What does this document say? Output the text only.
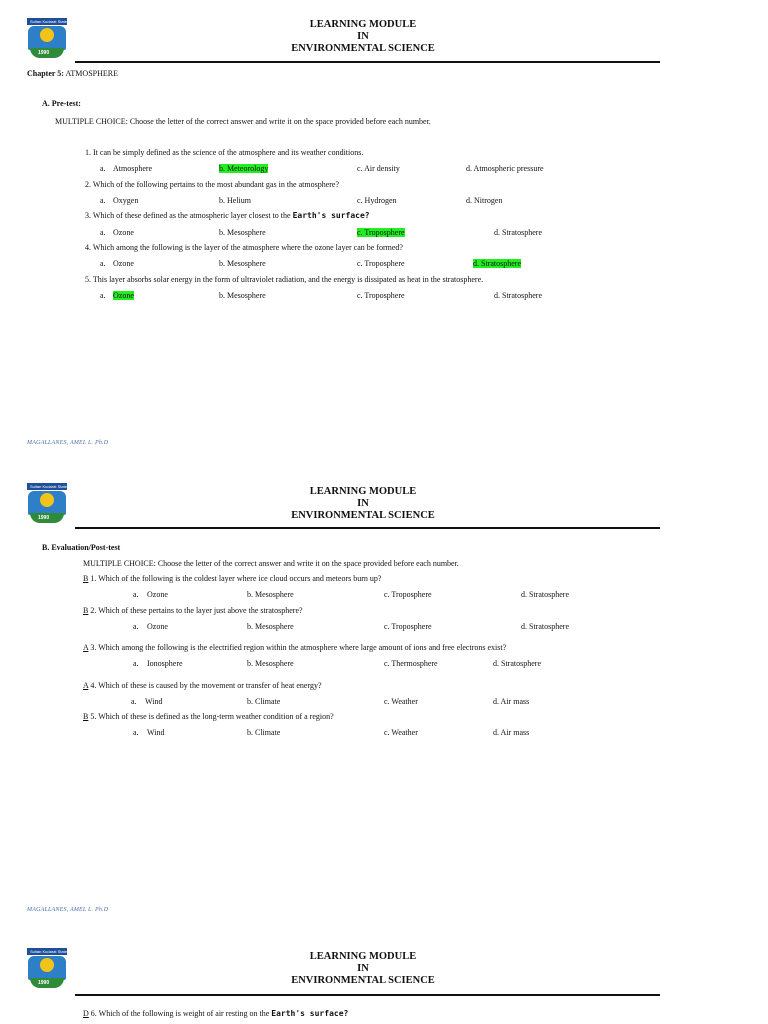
Sultan Kudarat State
1990
LEARNING MODULE
IN
ENVIRONMENTAL SCIENCE
Chapter 5: ATMOSPHERE
A. Pre-test:
MULTIPLE CHOICE: Choose the letter of the correct answer and write it on the space provided before each number.
1. It can be simply defined as the science of the atmosphere and its weather conditions.
a. Atmosphere	b. Meteorology	c. Air density	d. Atmospheric pressure
2. Which of the following pertains to the most abundant gas in the atmosphere?
a. Oxygen	b. Helium	c. Hydrogen	d. Nitrogen
3. Which of these defined as the atmospheric layer closest to the Earth's surface?
a. Ozone	b. Mesosphere	c. Troposphere	d. Stratosphere
4. Which among the following is the layer of the atmosphere where the ozone layer can be formed?
a. Ozone	b. Mesosphere	c. Troposphere	d. Stratosphere
5. This layer absorbs solar energy in the form of ultraviolet radiation, and the energy is dissipated as heat in the stratosphere.
a. Ozone	b. Mesosphere	c. Troposphere	d. Stratosphere
MAGALLANES, AMEL L. Ph.D
Sultan Kudarat State
1990
LEARNING MODULE
IN
ENVIRONMENTAL SCIENCE
B. Evaluation/Post-test
MULTIPLE CHOICE: Choose the letter of the correct answer and write it on the space provided before each number.
B 1. Which of the following is the coldest layer where ice cloud occurs and meteors burn up?
a. Ozone	b. Mesosphere	c. Troposphere	d. Stratosphere
B 2. Which of these pertains to the layer just above the stratosphere?
a. Ozone	b. Mesosphere	c. Troposphere	d. Stratosphere
A 3. Which among the following is the electrified region within the atmosphere where large amount of ions and free electrons exist?
a. Ionosphere	b. Mesosphere	c. Thermosphere	d. Stratosphere
A 4. Which of these is caused by the movement or transfer of heat energy?
a. Wind	b. Climate	c. Weather	d. Air mass
B 5. Which of these is defined as the long-term weather condition of a region?
a. Wind	b. Climate	c. Weather	d. Air mass
MAGALLANES, AMEL L. Ph.D
Sultan Kudarat State
1990
LEARNING MODULE
IN
ENVIRONMENTAL SCIENCE
D 6. Which of the following is weight of air resting on the Earth's surface?
